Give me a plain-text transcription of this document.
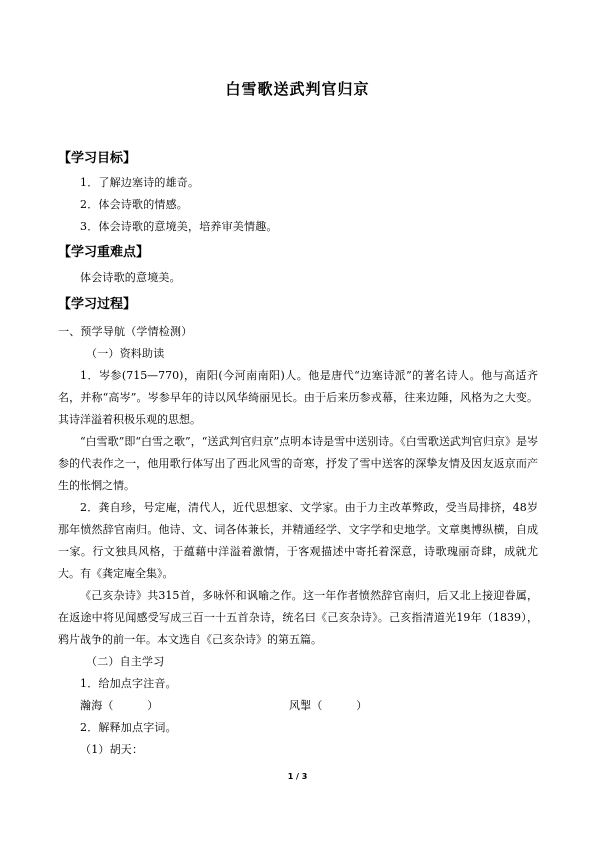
白雪歌送武判官归京
【学习目标】
1．了解边塞诗的雄奇。
2．体会诗歌的情感。
3．体会诗歌的意境美，培养审美情趣。
【学习重难点】
体会诗歌的意境美。
【学习过程】
一、预学导航（学情检测）
（一）资料助读
1．岑参(715—770)，南阳(今河南南阳)人。他是唐代“边塞诗派”的著名诗人。他与高适齐名，并称“高岑”。岑参早年的诗以风华绮丽见长。由于后来历参戎幕，往来边陲，风格为之大变。其诗洋溢着积极乐观的思想。
“白雪歌”即“白雪之歌”，“送武判官归京”点明本诗是雪中送别诗。《白雪歌送武判官归京》是岑参的代表作之一，他用歌行体写出了西北风雪的奇寒，抒发了雪中送客的深挚友情及因友返京而产生的怅惘之情。
2．龚自珍，号定庵，清代人，近代思想家、文学家。由于力主改革弊政，受当局排挤，48岁那年愤然辞官南归。他诗、文、词各体兼长，并精通经学、文字学和史地学。文章奥博纵横，自成一家。行文独具风格，于蕴藉中洋溢着激情，于客观描述中寄托着深意，诗歌瑰丽奇肆，成就尤大。有《龚定庵全集》。
《己亥杂诗》共315首，多咏怀和讽喻之作。这一年作者愤然辞官南归，后又北上接迎眷属，在返途中将见闻感受写成三百一十五首杂诗，统名曰《己亥杂诗》。己亥指清道光19年（1839），鸦片战争的前一年。本文选自《己亥杂诗》的第五篇。
（二）自主学习
1．给加点字注音。
瀚海（　　　）	风掣（　　　）
2．解释加点字词。
（1）胡天：
1 / 3
